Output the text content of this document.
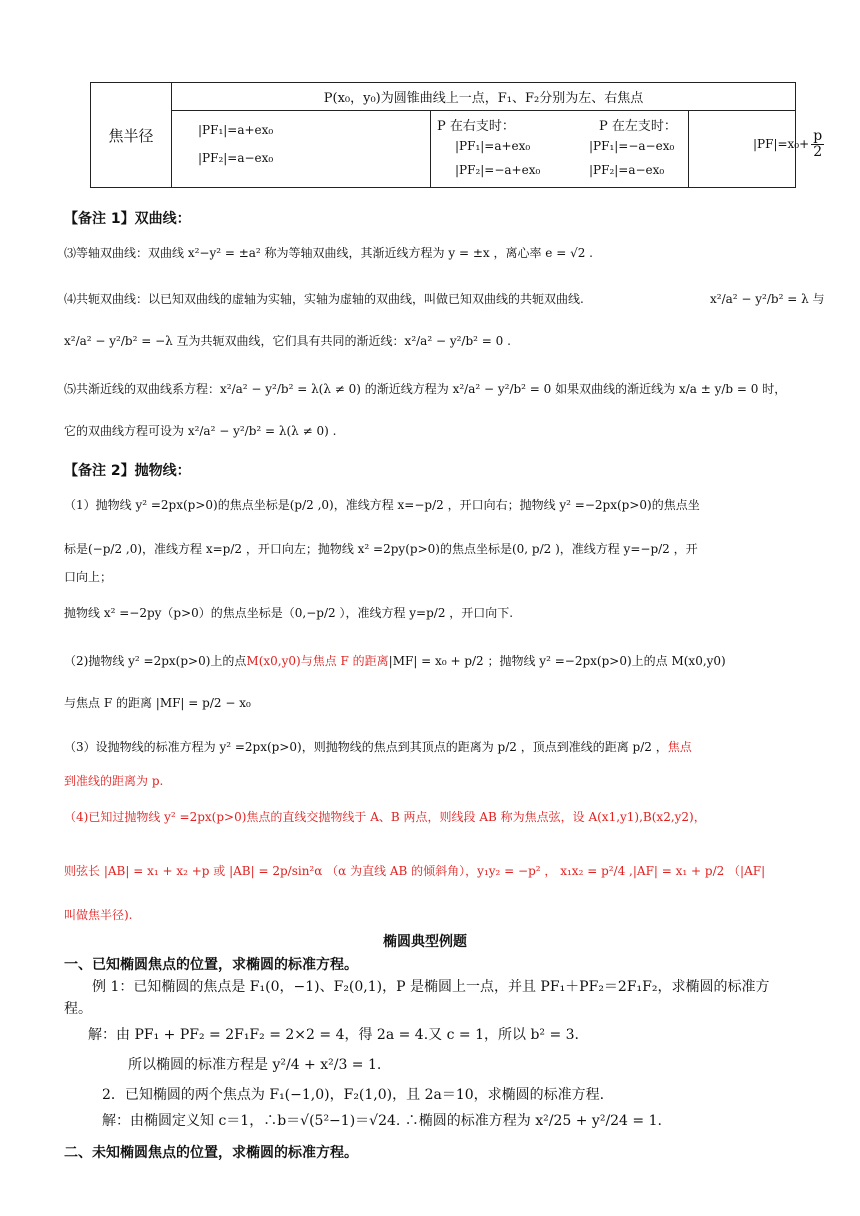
焦半径
P(x₀，y₀)为圆锥曲线上一点，F₁、F₂分别为左、右焦点
|PF₁|=a+ex₀
|PF₂|=a−ex₀
P 在右支时：	P 在左支时：
|PF₁|=a+ex₀
|PF₂|=−a+ex₀
|PF₁|=−a−ex₀
|PF₂|=a−ex₀
$|PF|=x_0+ \frac{p}{2}$
【备注 1】双曲线：
⑶等轴双曲线：双曲线 x²−y² = ±a² 称为等轴双曲线，其渐近线方程为 y = ±x ，离心率 e = √2 .
⑷共轭双曲线：以已知双曲线的虚轴为实轴，实轴为虚轴的双曲线，叫做已知双曲线的共轭双曲线.	x²/a² − y²/b² = λ 与
x²/a² − y²/b² = −λ 互为共轭双曲线，它们具有共同的渐近线：x²/a² − y²/b² = 0 .
⑸共渐近线的双曲线系方程：x²/a² − y²/b² = λ(λ ≠ 0) 的渐近线方程为 x²/a² − y²/b² = 0 如果双曲线的渐近线为 x/a ± y/b = 0 时，
它的双曲线方程可设为 x²/a² − y²/b² = λ(λ ≠ 0) .
【备注 2】抛物线：
（1）抛物线 y² =2px(p>0)的焦点坐标是(p/2 ,0)，准线方程 x=−p/2 ，开口向右；抛物线 y² =−2px(p>0)的焦点坐
标是(−p/2 ,0)，准线方程 x=p/2 ，开口向左；抛物线 x² =2py(p>0)的焦点坐标是(0, p/2 )，准线方程 y=−p/2 ，开
口向上；
抛物线 x² =−2py（p>0）的焦点坐标是（0,−p/2 ），准线方程 y=p/2 ，开口向下.
（2)抛物线 y² =2px(p>0)上的点M(x0,y0)与焦点 F 的距离|MF| = x₀ + p/2 ；抛物线 y² =−2px(p>0)上的点 M(x0,y0)
与焦点 F 的距离 |MF| = p/2 − x₀
（3）设抛物线的标准方程为 y² =2px(p>0)，则抛物线的焦点到其顶点的距离为 p/2 ，顶点到准线的距离 p/2 ，焦点
到准线的距离为 p.
（4)已知过抛物线 y² =2px(p>0)焦点的直线交抛物线于 A、B 两点，则线段 AB 称为焦点弦，设 A(x1,y1),B(x2,y2)，
则弦长 |AB| = x₁ + x₂ +p 或 |AB| = 2p/sin²α （α 为直线 AB 的倾斜角），y₁y₂ = −p² ， x₁x₂ = p²/4 ,|AF| = x₁ + p/2 （|AF|
叫做焦半径).
椭圆典型例题
一、已知椭圆焦点的位置，求椭圆的标准方程。
例 1：已知椭圆的焦点是 F₁(0，−1)、F₂(0,1)，P 是椭圆上一点，并且 PF₁＋PF₂＝2F₁F₂，求椭圆的标准方
程。
解：由 PF₁ + PF₂ = 2F₁F₂ = 2×2 = 4，得 2a = 4.又 c = 1，所以 b² = 3.
所以椭圆的标准方程是 y²/4 + x²/3 = 1.
2．已知椭圆的两个焦点为 F₁(−1,0)，F₂(1,0)，且 2a＝10，求椭圆的标准方程.
解：由椭圆定义知 c＝1，∴b＝√(5²−1)＝√24. ∴椭圆的标准方程为 x²/25 + y²/24 = 1.
二、未知椭圆焦点的位置，求椭圆的标准方程。
